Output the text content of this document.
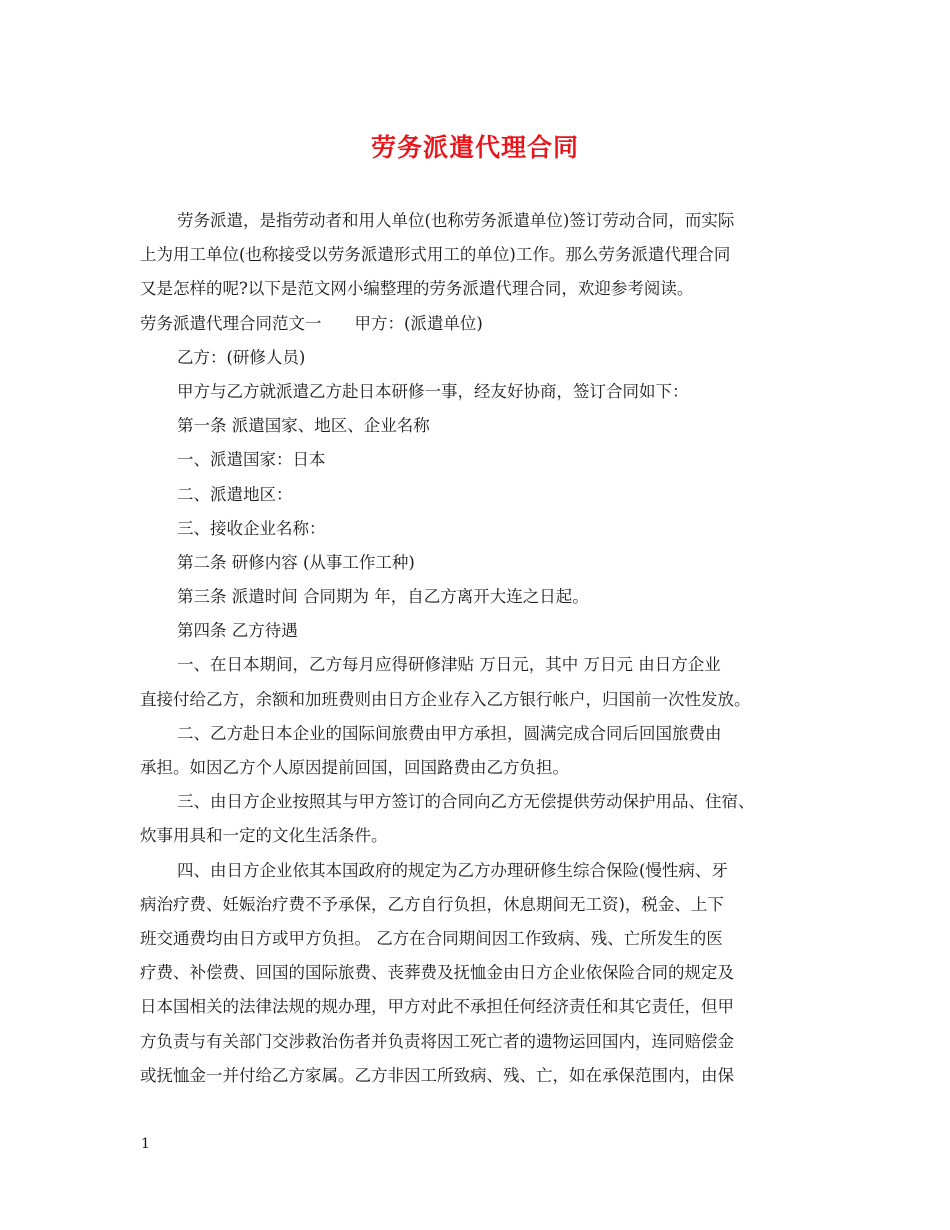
劳务派遣代理合同
劳务派遣，是指劳动者和用人单位(也称劳务派遣单位)签订劳动合同，而实际
上为用工单位(也称接受以劳务派遣形式用工的单位)工作。那么劳务派遣代理合同
又是怎样的呢?以下是范文网小编整理的劳务派遣代理合同，欢迎参考阅读。
劳务派遣代理合同范文一　　甲方：(派遣单位)
乙方：(研修人员)
甲方与乙方就派遣乙方赴日本研修一事，经友好协商，签订合同如下：
第一条 派遣国家、地区、企业名称
一、派遣国家：日本
二、派遣地区：
三、接收企业名称：
第二条 研修内容 (从事工作工种)
第三条 派遣时间 合同期为 年，自乙方离开大连之日起。
第四条 乙方待遇
一、在日本期间，乙方每月应得研修津贴 万日元，其中 万日元 由日方企业
直接付给乙方，余额和加班费则由日方企业存入乙方银行帐户，归国前一次性发放。
二、乙方赴日本企业的国际间旅费由甲方承担，圆满完成合同后回国旅费由
承担。如因乙方个人原因提前回国，回国路费由乙方负担。
三、由日方企业按照其与甲方签订的合同向乙方无偿提供劳动保护用品、住宿、
炊事用具和一定的文化生活条件。
四、由日方企业依其本国政府的规定为乙方办理研修生综合保险(慢性病、牙
病治疗费、妊娠治疗费不予承保，乙方自行负担，休息期间无工资)，税金、上下
班交通费均由日方或甲方负担。 乙方在合同期间因工作致病、残、亡所发生的医
疗费、补偿费、回国的国际旅费、丧葬费及抚恤金由日方企业依保险合同的规定及
日本国相关的法律法规的规办理，甲方对此不承担任何经济责任和其它责任，但甲
方负责与有关部门交涉救治伤者并负责将因工死亡者的遗物运回国内，连同赔偿金
或抚恤金一并付给乙方家属。乙方非因工所致病、残、亡，如在承保范围内，由保
1
